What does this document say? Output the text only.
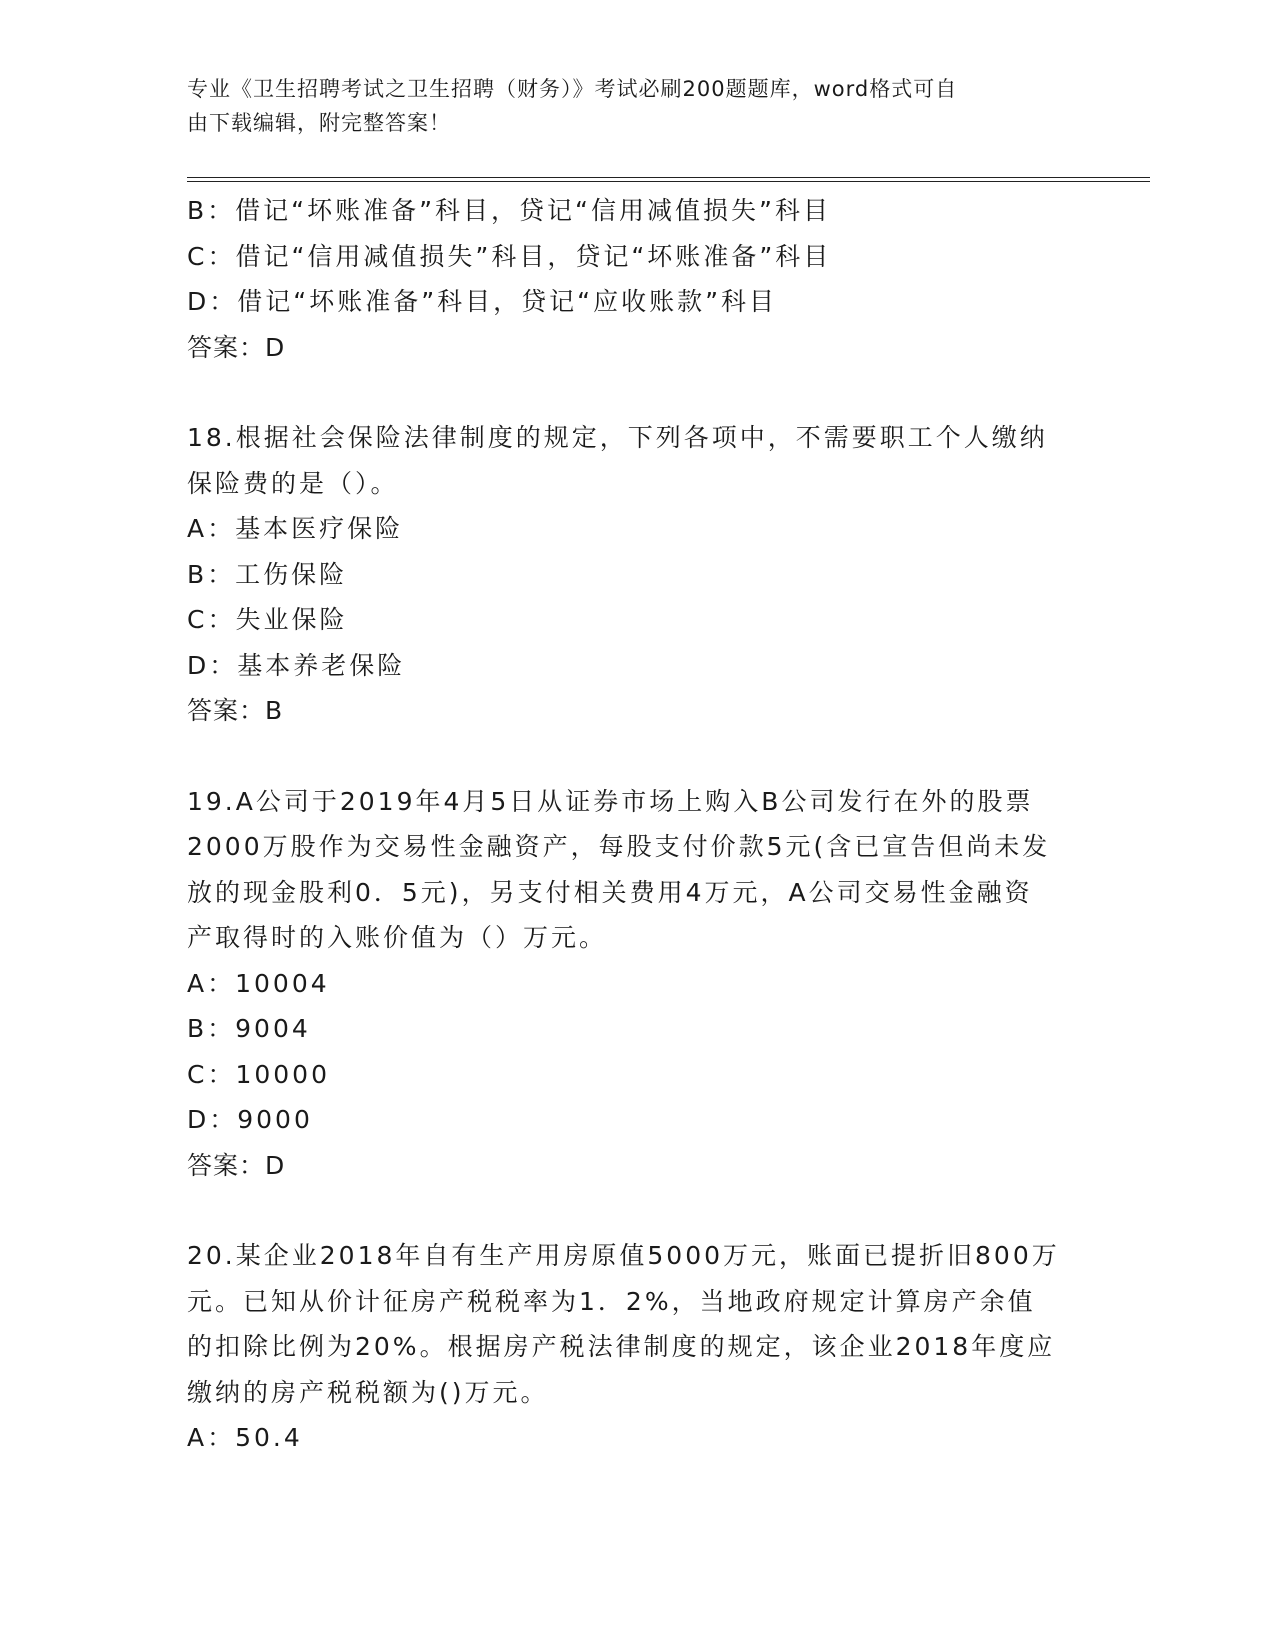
专业《卫生招聘考试之卫生招聘（财务）》考试必刷200题题库，word格式可自
由下载编辑，附完整答案！
B：借记“坏账准备”科目，贷记“信用减值损失”科目
C：借记“信用减值损失”科目，贷记“坏账准备”科目
D：借记“坏账准备”科目，贷记“应收账款”科目
答案：D
18.根据社会保险法律制度的规定，下列各项中，不需要职工个人缴纳
保险费的是（）。
A：基本医疗保险
B：工伤保险
C：失业保险
D：基本养老保险
答案：B
19.A公司于2019年4月5日从证券市场上购入B公司发行在外的股票
2000万股作为交易性金融资产，每股支付价款5元(含已宣告但尚未发
放的现金股利0．5元)，另支付相关费用4万元，A公司交易性金融资
产取得时的入账价值为（）万元。
A：10004
B：9004
C：10000
D：9000
答案：D
20.某企业2018年自有生产用房原值5000万元，账面已提折旧800万
元。已知从价计征房产税税率为1．2%，当地政府规定计算房产余值
的扣除比例为20%。根据房产税法律制度的规定，该企业2018年度应
缴纳的房产税税额为()万元。
A：50.4
